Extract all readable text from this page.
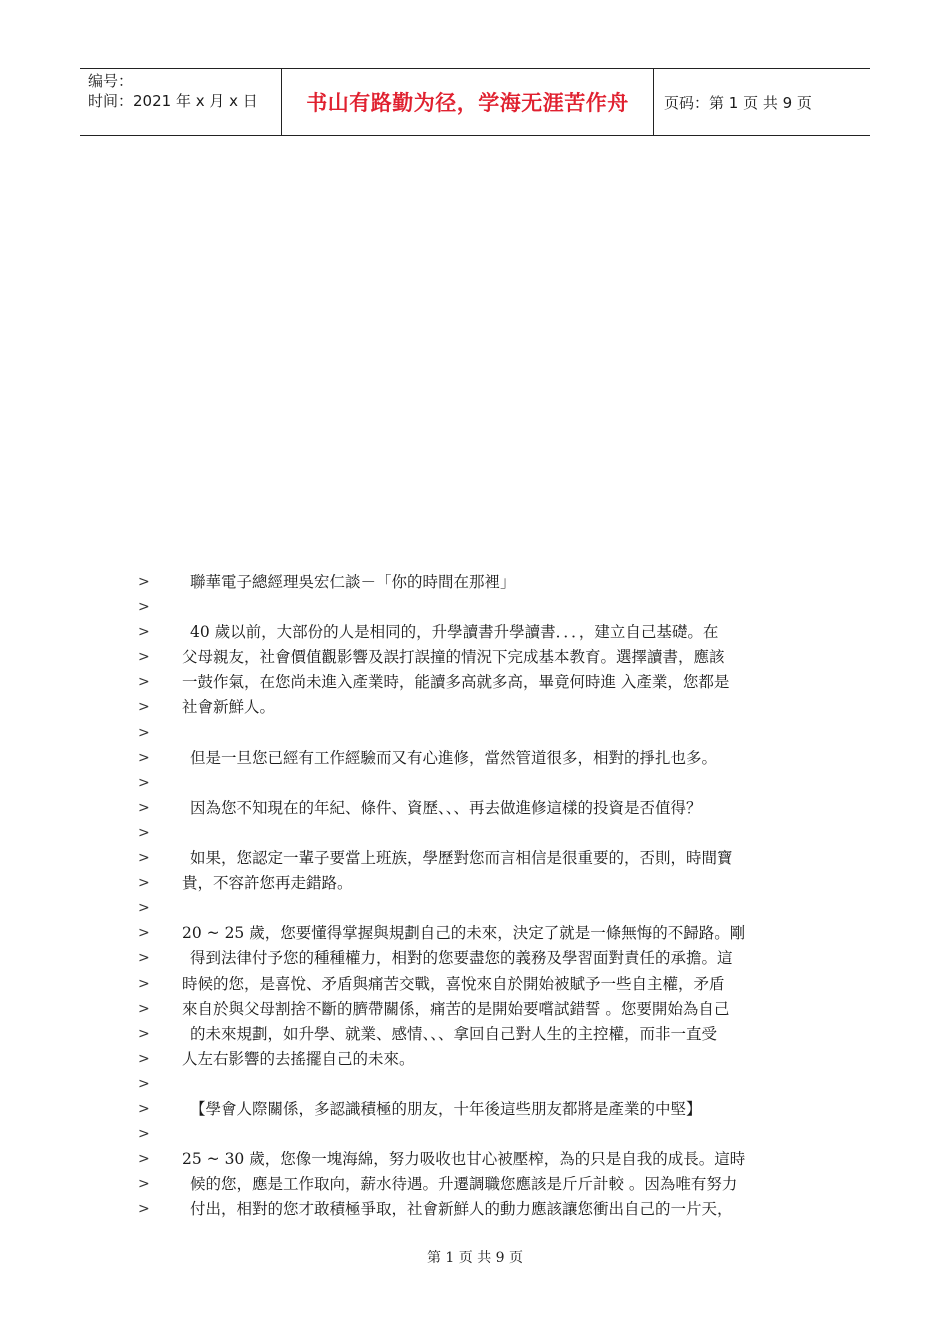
编号：
时间：2021 年 x 月 x 日	书山有路勤为径，学海无涯苦作舟 页码：第 1 页 共 9 页
>	聯華電子總經理吳宏仁談－「你的時間在那裡」
>
>	40 歲以前，大部份的人是相同的，升學讀書升學讀書．．．，建立自己基礎。在
>	父母親友，社會價值觀影響及誤打誤撞的情況下完成基本教育。選擇讀書，應該
>	一鼓作氣，在您尚未進入產業時，能讀多高就多高，畢竟何時進 入產業，您都是
>	社會新鮮人。
>
>	但是一旦您已經有工作經驗而又有心進修，當然管道很多，相對的掙扎也多。
>
>	因為您不知現在的年紀、條件、資歷、、、再去做進修這樣的投資是否值得？
>
>	如果，您認定一輩子要當上班族，學歷對您而言相信是很重要的，否則，時間寶
>	貴，不容許您再走錯路。
>
>	20 ~ 25 歲，您要懂得掌握與規劃自己的未來，決定了就是一條無悔的不歸路。剛
>	得到法律付予您的種種權力，相對的您要盡您的義務及學習面對責任的承擔。這
>	時候的您，是喜悅、矛盾與痛苦交戰，喜悅來自於開始被賦予一些自主權，矛盾
>	來自於與父母割捨不斷的臍帶關係，痛苦的是開始要嚐試錯誓 。您要開始為自己
>	的未來規劃，如升學、就業、感情、、、拿回自己對人生的主控權，而非一直受
>	人左右影響的去搖擺自己的未來。
>
>	【學會人際關係，多認識積極的朋友，十年後這些朋友都將是產業的中堅】
>
>	25 ~ 30 歲，您像一塊海綿，努力吸收也甘心被壓榨，為的只是自我的成長。這時
>	候的您，應是工作取向，薪水待遇。升遷調職您應該是斤斤計較 。因為唯有努力
>	付出，相對的您才敢積極爭取，社會新鮮人的動力應該讓您衝出自己的一片天，
第 1 页 共 9 页
